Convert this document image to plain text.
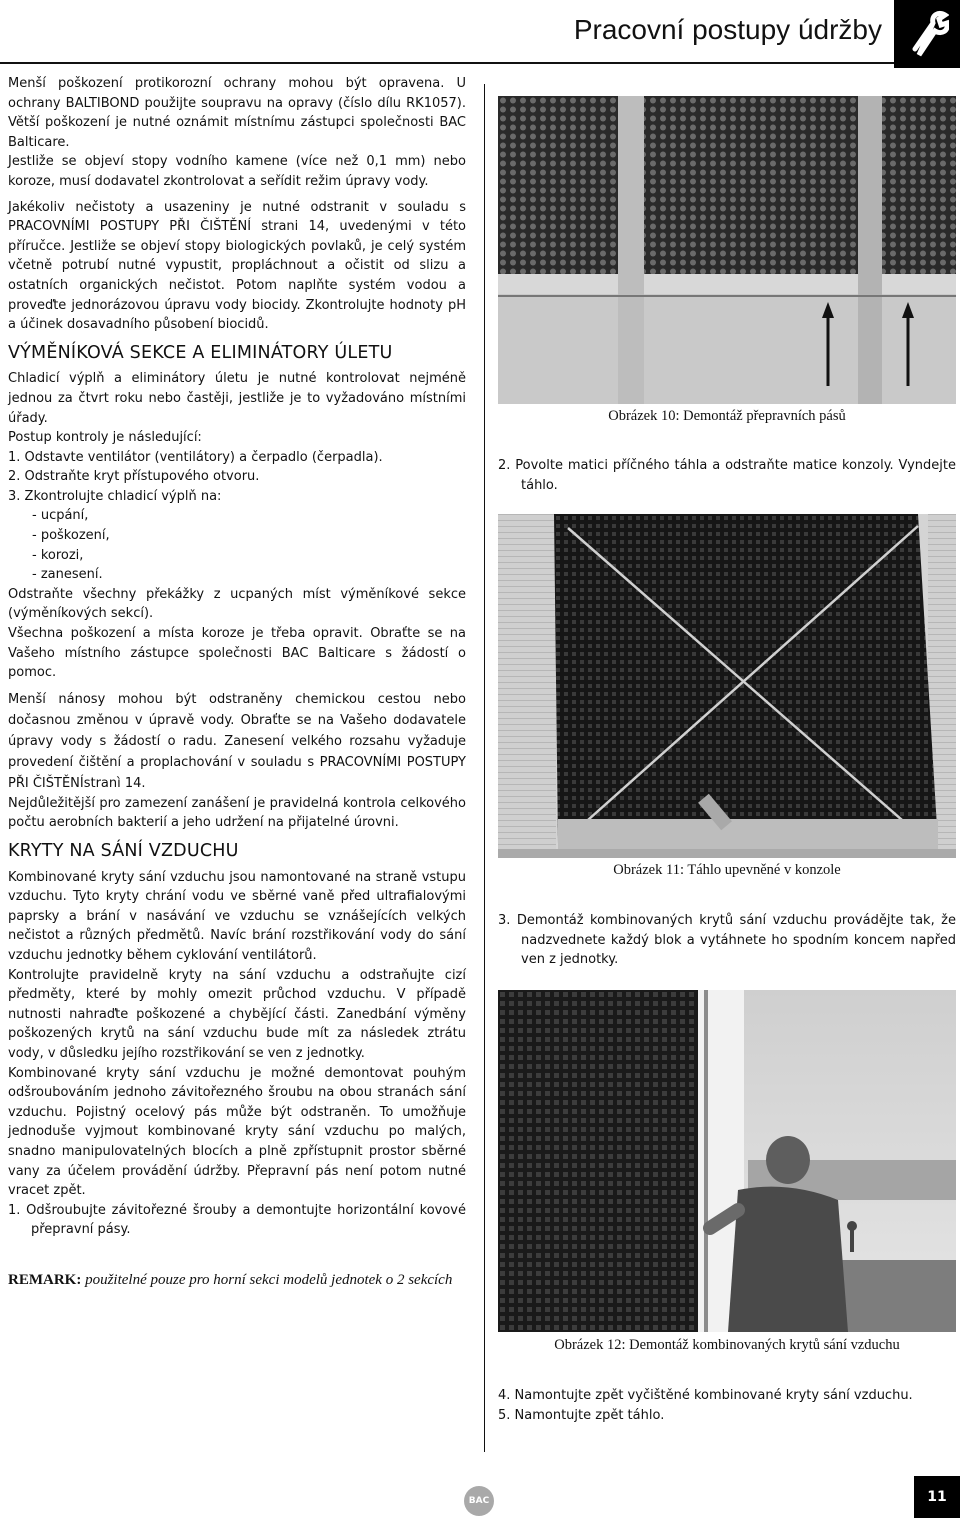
Pracovní postupy údržby

Menší poškození protikorozní ochrany mohou být opravena. U ochrany BALTIBOND použijte soupravu na opravy (číslo dílu RK1057). Větší poškození je nutné oznámit místnímu zástupci společnosti BAC Balticare.

Jestliže se objeví stopy vodního kamene (více než 0,1 mm) nebo koroze, musí dodavatel zkontrolovat a seřídit režim úpravy vody.

Jakékoliv nečistoty a usazeniny je nutné odstranit v souladu s PRACOVNÍMI POSTUPY PŘI ČIŠTĚNÍ strani 14, uvedenými v této příručce. Jestliže se objeví stopy biologických povlaků, je celý systém včetně potrubí nutné vypustit, propláchnout a očistit od slizu a ostatních organických nečistot. Potom naplňte systém vodou a proveďte jednorázovou úpravu vody biocidy. Zkontrolujte hodnoty pH a účinek dosavadního působení biocidů.

VÝMĚNÍKOVÁ SEKCE A ELIMINÁTORY ÚLETU

Chladicí výplň a eliminátory úletu je nutné kontrolovat nejméně jednou za čtvrt roku nebo častěji, jestliže je to vyžadováno místními úřady.

Postup kontroly je následující:

1. Odstavte ventilátor (ventilátory) a čerpadlo (čerpadla).
2. Odstraňte kryt přístupového otvoru.
3. Zkontrolujte chladicí výplň na:
- ucpání,
- poškození,
- korozi,
- zanesení.

Odstraňte všechny překážky z ucpaných míst výměníkové sekce (výměníkových sekcí).

Všechna poškození a místa koroze je třeba opravit. Obraťte se na Vašeho místního zástupce společnosti BAC Balticare s žádostí o pomoc.

Menší nánosy mohou být odstraněny chemickou cestou nebo dočasnou změnou v úpravě vody. Obraťte se na Vašeho dodavatele úpravy vody s žádostí o radu. Zanesení velkého rozsahu vyžaduje provedení čištění a proplachování v souladu s PRACOVNÍMI POSTUPY PŘI ČIŠTĚNÍstranì 14.

Nejdůležitější pro zamezení zanášení je pravidelná kontrola celkového počtu aerobních bakterií a jeho udržení na přijatelné úrovni.

KRYTY NA SÁNÍ VZDUCHU

Kombinované kryty sání vzduchu jsou namontované na straně vstupu vzduchu. Tyto kryty chrání vodu ve sběrné vaně před ultrafialovými paprsky a brání v nasávání ve vzduchu se vznášejících velkých nečistot a různých předmětů. Navíc brání rozstřikování vody do sání vzduchu jednotky během cyklování ventilátorů.

Kontrolujte pravidelně kryty na sání vzduchu a odstraňujte cizí předměty, které by mohly omezit průchod vzduchu. V případě nutnosti nahraďte poškozené a chybějící části. Zanedbání výměny poškozených krytů na sání vzduchu bude mít za následek ztrátu vody, v důsledku jejího rozstřikování se ven z jednotky.

Kombinované kryty sání vzduchu je možné demontovat pouhým odšroubováním jednoho závitořezného šroubu na obou stranách sání vzduchu. Pojistný ocelový pás může být odstraněn. To umožňuje jednoduše vyjmout kombinované kryty sání vzduchu po malých, snadno manipulovatelných blocích a plně zpřístupnit prostor sběrné vany za účelem provádění údržby. Přepravní pás není potom nutné vracet zpět.

1. Odšroubujte závitořezné šrouby a demontujte horizontální kovové přepravní pásy.

REMARK: použitelné pouze pro horní sekci modelů jednotek o 2 sekcích
Obrázek 10: Demontáž přepravních pásů
2. Povolte matici příčného táhla a odstraňte matice konzoly. Vyndejte táhlo.
Obrázek 11: Táhlo upevněné v konzole
3. Demontáž kombinovaných krytů sání vzduchu provádějte tak, že nadzvednete každý blok a vytáhnete ho spodním koncem napřed ven z jednotky.
Obrázek 12: Demontáž kombinovaných krytů sání vzduchu
4. Namontujte zpět vyčištěné kombinované kryty sání vzduchu.
5. Namontujte zpět táhlo.
BAC	11
